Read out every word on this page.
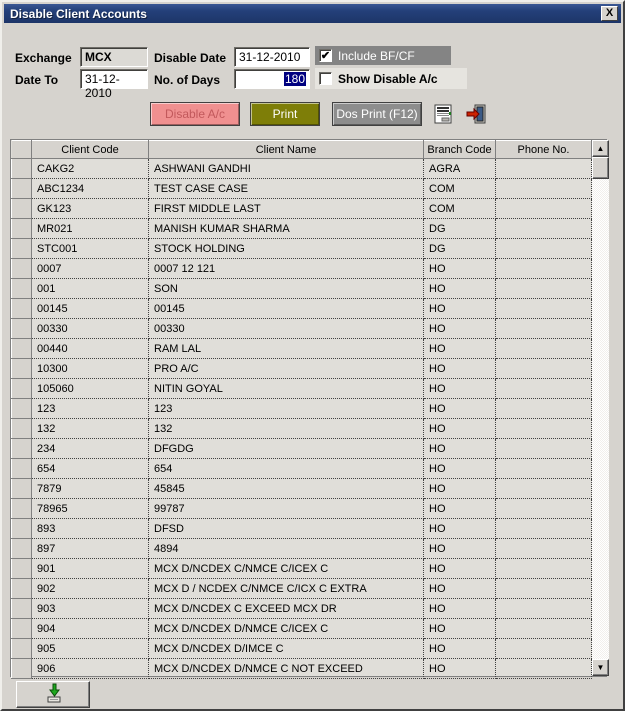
Disable Client Accounts	X
Exchange	MCX	Disable Date	31-12-2010
Date To	31-12-2010
No. of Days	180
✔ Include BF/CF
Show Disable A/c
Disable A/c	Print	Dos Print (F12)
	Client Code	Client Name	Branch Code	Phone No.
	CAKG2	ASHWANI GANDHI	AGRA	
	ABC1234	TEST CASE CASE	COM	
	GK123	FIRST MIDDLE LAST	COM	
	MR021	MANISH KUMAR SHARMA	DG	
	STC001	STOCK HOLDING	DG	
	0007	0007 12 121	HO	
	001	SON	HO	
	00145	00145	HO	
	00330	00330	HO	
	00440	RAM LAL	HO	
	10300	PRO A/C	HO	
	105060	NITIN GOYAL	HO	
	123	123	HO	
	132	132	HO	
	234	DFGDG	HO	
	654	654	HO	
	7879	45845	HO	
	78965	99787	HO	
	893	DFSD	HO	
	897	4894	HO	
	901	MCX D/NCDEX C/NMCE C/ICEX C	HO	
	902	MCX D / NCDEX C/NMCE C/ICX C EXTRA	HO	
	903	MCX D/NCDEX C EXCEED MCX DR	HO	
	904	MCX D/NCDEX D/NMCE C/ICEX C	HO	
	905	MCX D/NCDEX D/IMCE C	HO	
	906	MCX D/NCDEX D/NMCE C NOT EXCEED	HO	
▲
▼
